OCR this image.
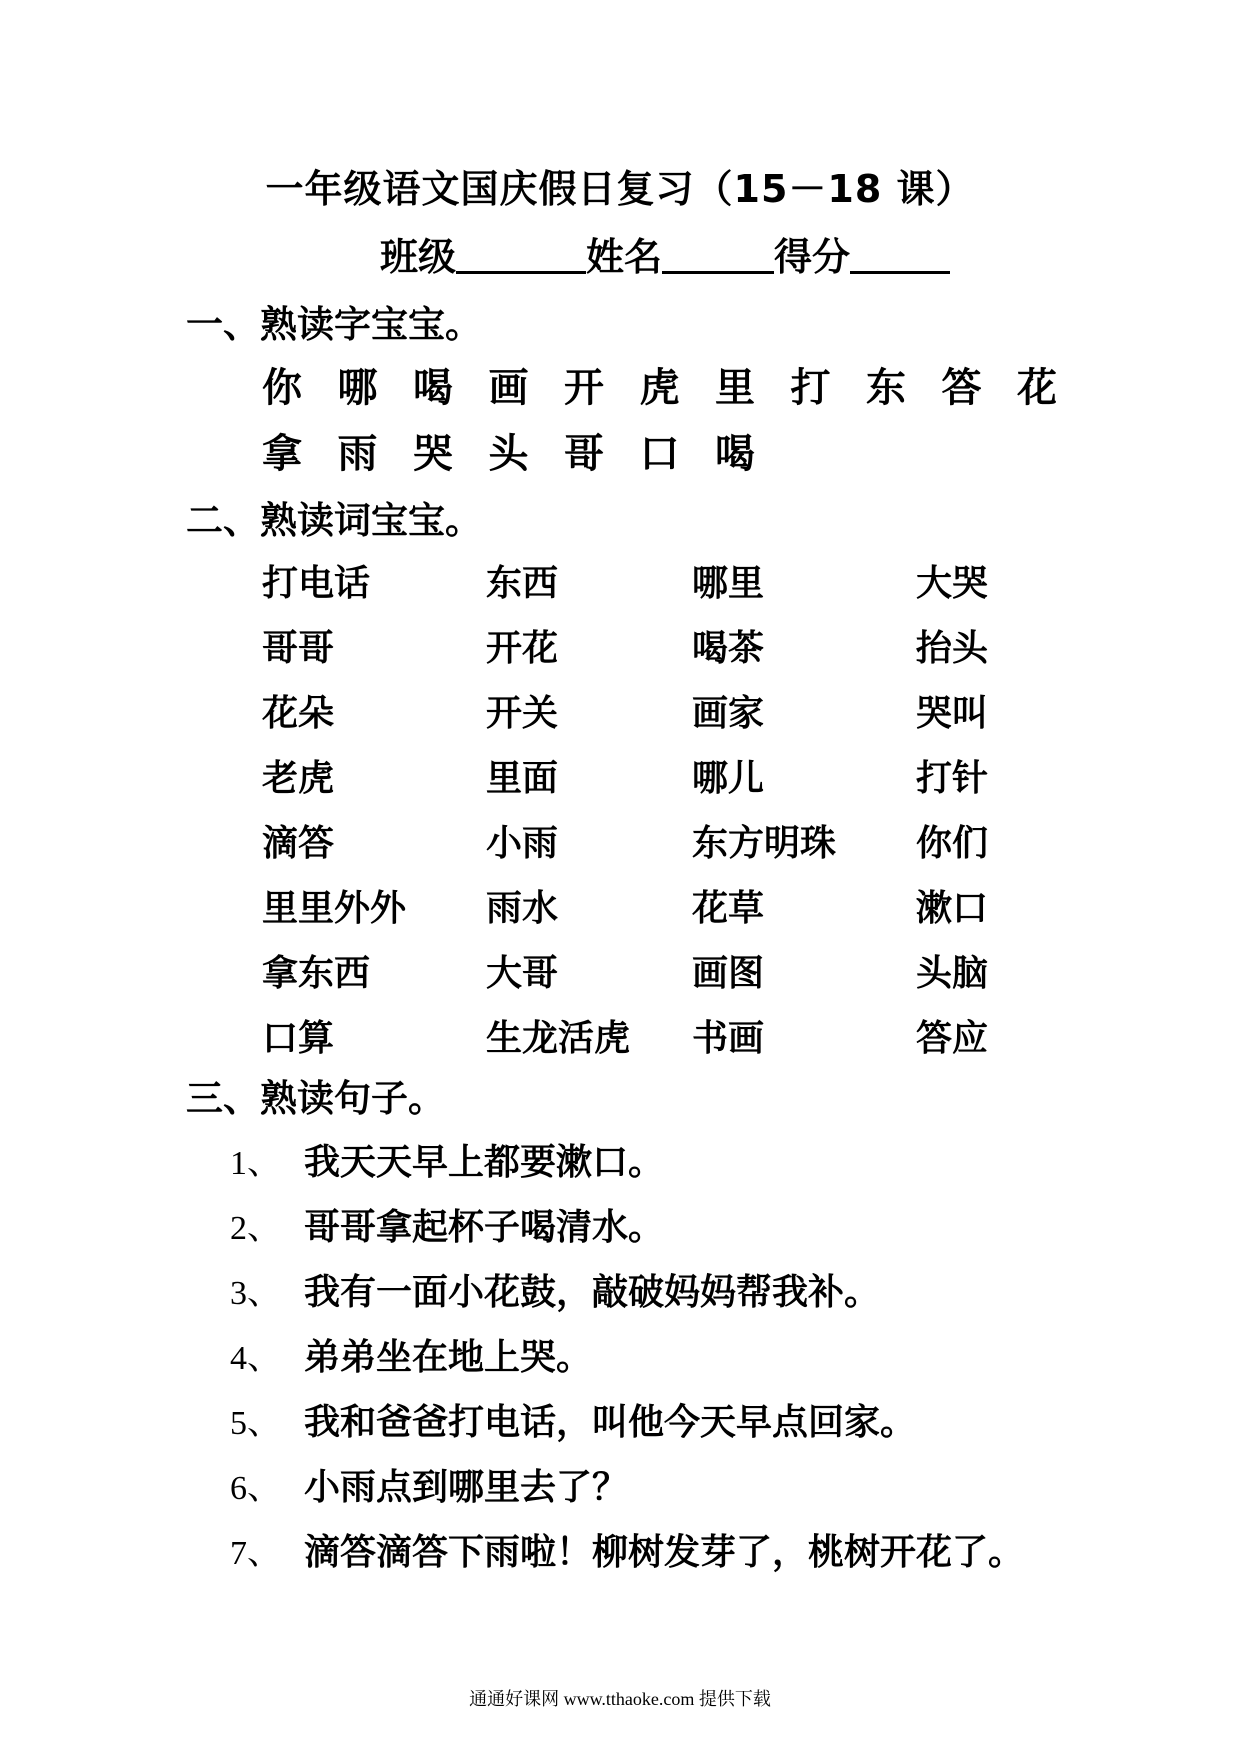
一年级语文国庆假日复习（15－18 课）
班级	姓名	得分
一、熟读字宝宝。
你 哪 喝 画 开 虎 里 打 东 答 花
拿 雨 哭 头 哥 口 喝
二、熟读词宝宝。
打电话	东西	哪里	大哭
哥哥	开花	喝茶	抬头
花朵	开关	画家	哭叫
老虎	里面	哪儿	打针
滴答	小雨	东方明珠	你们
里里外外	雨水	花草	漱口
拿东西	大哥	画图	头脑
口算	生龙活虎	书画	答应
三、熟读句子。
1、 我天天早上都要漱口。
2、 哥哥拿起杯子喝清水。
3、 我有一面小花鼓，敲破妈妈帮我补。
4、 弟弟坐在地上哭。
5、 我和爸爸打电话，叫他今天早点回家。
6、 小雨点到哪里去了？
7、 滴答滴答下雨啦！柳树发芽了，桃树开花了。
通通好课网 www.tthaoke.com 提供下载
